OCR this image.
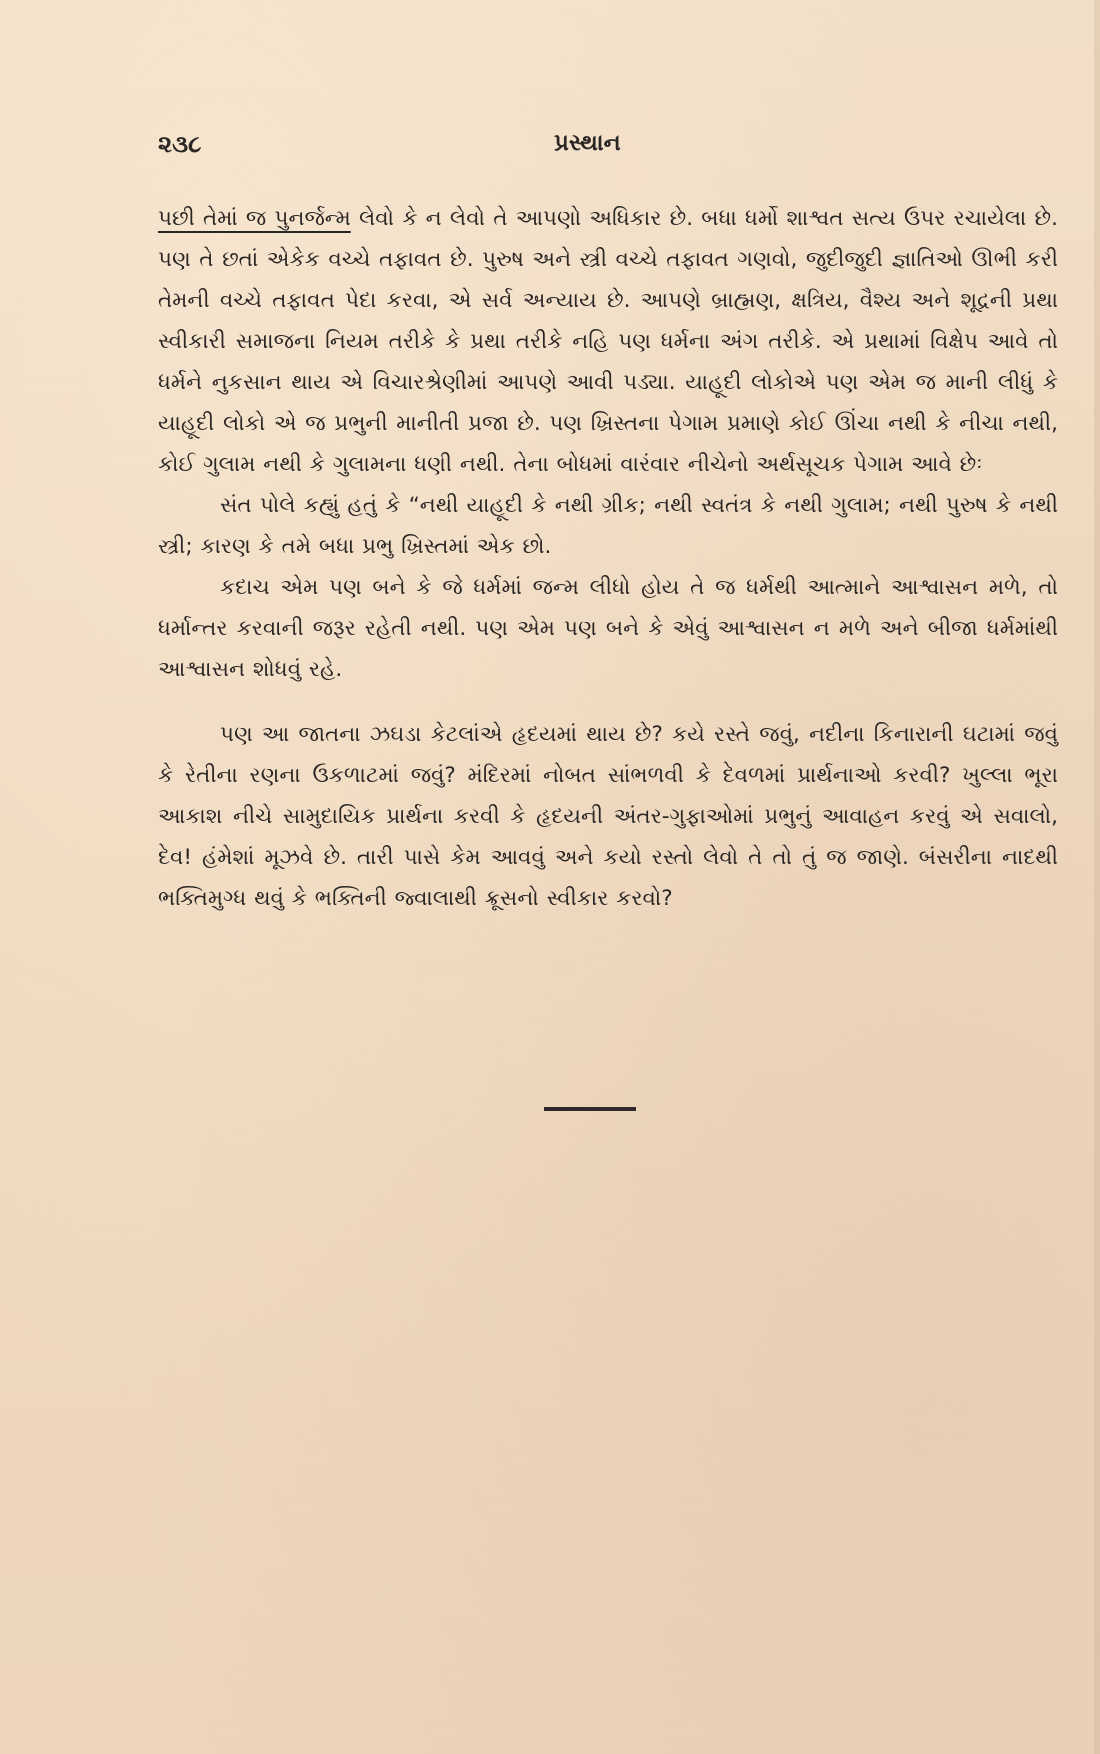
૨૩૮	પ્રસ્થાન

પછી તેમાં જ પુનર્જન્મ લેવો કે ન લેવો તે આપણો અધિકાર છે. બધા ધર્મો શાશ્વત સત્ય ઉપર રચાયેલા છે. પણ તે છતાં એકેક વચ્ચે તફાવત છે. પુરુષ અને સ્ત્રી વચ્ચે તફાવત ગણવો, જુદીજુદી જ્ઞાતિઓ ઊભી કરી તેમની વચ્ચે તફાવત પેદા કરવા, એ સર્વ અન્યાય છે. આપણે બ્રાહ્મણ, ક્ષત્રિય, વૈશ્ય અને શૂદ્રની પ્રથા સ્વીકારી સમાજના નિયમ તરીકે કે પ્રથા તરીકે નહિ પણ ધર્મના અંગ તરીકે. એ પ્રથામાં વિક્ષેપ આવે તો ધર્મને નુકસાન થાય એ વિચારશ્રેણીમાં આપણે આવી પડ્યા. યાહૂદી લોકોએ પણ એમ જ માની લીધું કે યાહૂદી લોકો એ જ પ્રભુની માનીતી પ્રજા છે. પણ ખ્રિસ્તના પેગામ પ્રમાણે કોઈ ઊંચા નથી કે નીચા નથી, કોઈ ગુલામ નથી કે ગુલામના ધણી નથી. તેના બોધમાં વારંવાર નીચેનો અર્થસૂચક પેગામ આવે છેઃ

સંત પોલે કહ્યું હતું કે “નથી યાહૂદી કે નથી ગ્રીક; નથી સ્વતંત્ર કે નથી ગુલામ; નથી પુરુષ કે નથી સ્ત્રી; કારણ કે તમે બધા પ્રભુ ખ્રિસ્તમાં એક છો.

કદાચ એમ પણ બને કે જે ધર્મમાં જન્મ લીધો હોય તે જ ધર્મથી આત્માને આશ્વાસન મળે, તો ધર્માન્તર કરવાની જરૂર રહેતી નથી. પણ એમ પણ બને કે એવું આશ્વાસન ન મળે અને બીજા ધર્મમાંથી આશ્વાસન શોધવું રહે.

પણ આ જાતના ઝઘડા કેટલાંએ હૃદયમાં થાય છે? કયે રસ્તે જવું, નદીના કિનારાની ઘટામાં જવું કે રેતીના રણના ઉકળાટમાં જવું? મંદિરમાં નોબત સાંભળવી કે દેવળમાં પ્રાર્થનાઓ કરવી? ખુલ્લા ભૂરા આકાશ નીચે સામુદાયિક પ્રાર્થના કરવી કે હૃદયની અંતર-ગુફાઓમાં પ્રભુનું આવાહન કરવું એ સવાલો, દેવ! હંમેશાં મૂઝવે છે. તારી પાસે કેમ આવવું અને કયો રસ્તો લેવો તે તો તું જ જાણે. બંસરીના નાદથી ભક્તિમુગ્ધ થવું કે ભક્તિની જ્વાલાથી ક્રૂસનો સ્વીકાર કરવો?
